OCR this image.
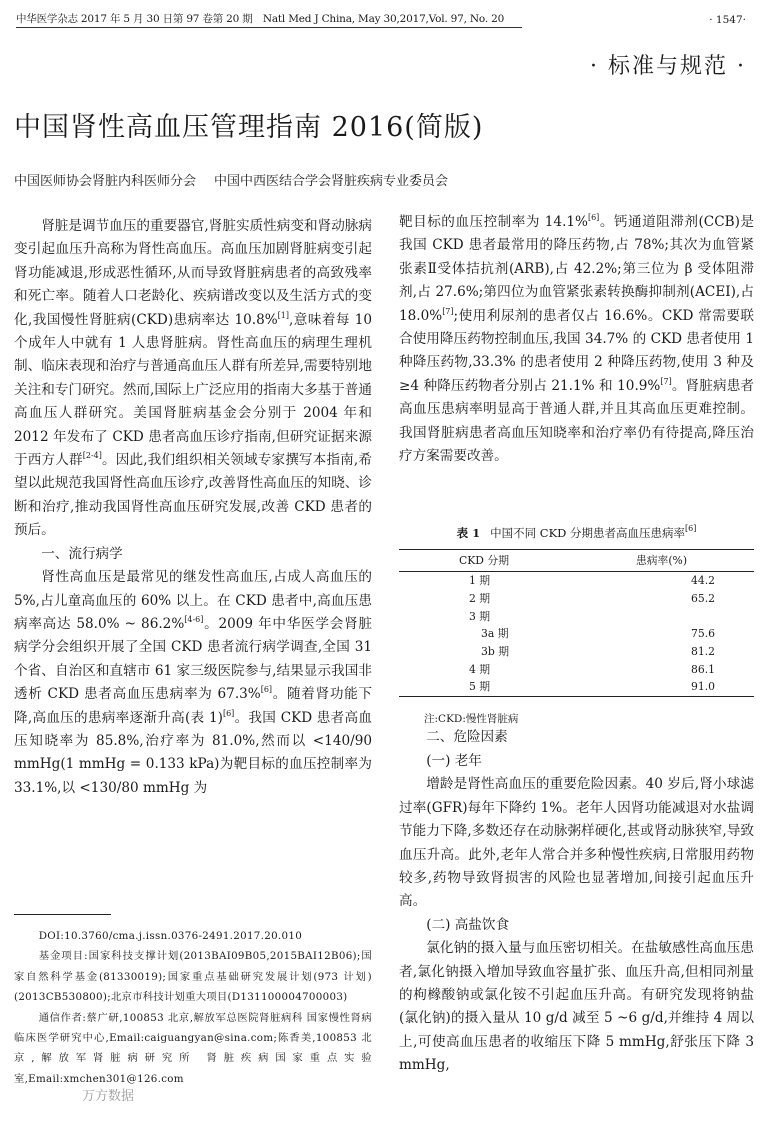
中华医学杂志 2017 年 5 月 30 日第 97 卷第 20 期　Natl Med J China, May 30,2017,Vol. 97, No. 20	· 1547·
· 标准与规范 ·
中国肾性高血压管理指南 2016(简版)
中国医师协会肾脏内科医师分会 中国中西医结合学会肾脏疾病专业委员会

肾脏是调节血压的重要器官,肾脏实质性病变和肾动脉病变引起血压升高称为肾性高血压。高血压加剧肾脏病变引起肾功能减退,形成恶性循环,从而导致肾脏病患者的高致残率和死亡率。随着人口老龄化、疾病谱改变以及生活方式的变化,我国慢性肾脏病(CKD)患病率达 10.8%[1],意味着每 10 个成年人中就有 1 人患肾脏病。肾性高血压的病理生理机制、临床表现和治疗与普通高血压人群有所差异,需要特别地关注和专门研究。然而,国际上广泛应用的指南大多基于普通高血压人群研究。美国肾脏病基金会分别于 2004 年和 2012 年发布了 CKD 患者高血压诊疗指南,但研究证据来源于西方人群[2-4]。因此,我们组织相关领域专家撰写本指南,希望以此规范我国肾性高血压诊疗,改善肾性高血压的知晓、诊断和治疗,推动我国肾性高血压研究发展,改善 CKD 患者的预后。

一、流行病学

肾性高血压是最常见的继发性高血压,占成人高血压的 5%,占儿童高血压的 60% 以上。在 CKD 患者中,高血压患病率高达 58.0% ~ 86.2%[4-6]。2009 年中华医学会肾脏病学分会组织开展了全国 CKD 患者流行病学调查,全国 31 个省、自治区和直辖市 61 家三级医院参与,结果显示我国非透析 CKD 患者高血压患病率为 67.3%[6]。随着肾功能下降,高血压的患病率逐渐升高(表 1)[6]。我国 CKD 患者高血压知晓率为 85.8%,治疗率为 81.0%,然而以 <140/90 mmHg(1 mmHg = 0.133 kPa)为靶目标的血压控制率为 33.1%,以 <130/80 mmHg 为

DOI:10.3760/cma.j.issn.0376-2491.2017.20.010

基金项目:国家科技支撑计划(2013BAI09B05,2015BAI12B06);国家自然科学基金(81330019);国家重点基础研究发展计划(973 计划)(2013CB530800);北京市科技计划重大项目(D131100004700003)

通信作者:蔡广研,100853 北京,解放军总医院肾脏病科 国家慢性肾病临床医学研究中心,Email:caiguangyan@sina.com;陈香美,100853 北京,解放军肾脏病研究所 肾脏疾病国家重点实验室,Email:xmchen301@126.com

万方数据

靶目标的血压控制率为 14.1%[6]。钙通道阻滞剂(CCB)是我国 CKD 患者最常用的降压药物,占 78%;其次为血管紧张素Ⅱ受体拮抗剂(ARB),占 42.2%;第三位为 β 受体阻滞剂,占 27.6%;第四位为血管紧张素转换酶抑制剂(ACEI),占 18.0%[7];使用利尿剂的患者仅占 16.6%。CKD 常需要联合使用降压药物控制血压,我国 34.7% 的 CKD 患者使用 1 种降压药物,33.3% 的患者使用 2 种降压药物,使用 3 种及 ≥4 种降压药物者分别占 21.1% 和 10.9%[7]。肾脏病患者高血压患病率明显高于普通人群,并且其高血压更难控制。我国肾脏病患者高血压知晓率和治疗率仍有待提高,降压治疗方案需要改善。

二、危险因素

(一) 老年

增龄是肾性高血压的重要危险因素。40 岁后,肾小球滤过率(GFR)每年下降约 1%。老年人因肾功能减退对水盐调节能力下降,多数还存在动脉粥样硬化,甚或肾动脉狭窄,导致血压升高。此外,老年人常合并多种慢性疾病,日常服用药物较多,药物导致肾损害的风险也显著增加,间接引起血压升高。

(二) 高盐饮食

氯化钠的摄入量与血压密切相关。在盐敏感性高血压患者,氯化钠摄入增加导致血容量扩张、血压升高,但相同剂量的枸橼酸钠或氯化铵不引起血压升高。有研究发现将钠盐(氯化钠)的摄入量从 10 g/d 减至 5 ~6 g/d,并维持 4 周以上,可使高血压患者的收缩压下降 5 mmHg,舒张压下降 3 mmHg,

表 1 中国不同 CKD 分期患者高血压患病率[6]
CKD 分期	患病率(%)
1 期	44.2
2 期	65.2
3 期	
3a 期	75.6
3b 期	81.2
4 期	86.1
5 期	91.0
注:CKD:慢性肾脏病
